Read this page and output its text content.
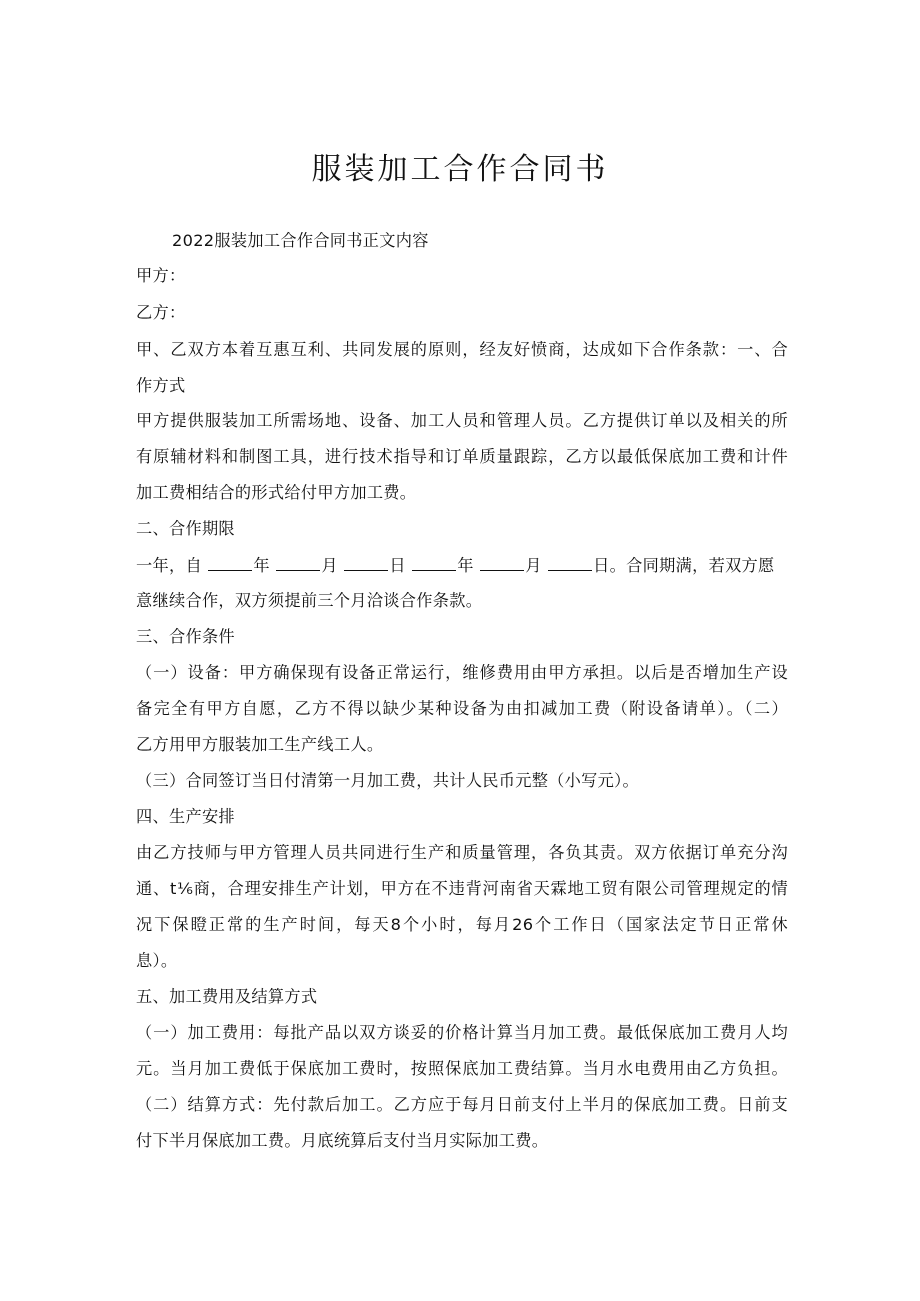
服装加工合作合同书
2022服装加工合作合同书正文内容
甲方：
乙方：
甲、乙双方本着互惠互利、共同发展的原则，经友好愤商，达成如下合作条款：一、合
作方式
甲方提供服装加工所需场地、设备、加工人员和管理人员。乙方提供订单以及相关的所
有原辅材料和制图工具，进行技术指导和订单质量跟踪，乙方以最低保底加工费和计件
加工费相结合的形式给付甲方加工费。
二、合作期限
一年，自	年	月	日	年	月	日。合同期满，若双方愿
意继续合作，双方须提前三个月洽谈合作条款。
三、合作条件
（一）设备：甲方确保现有设备正常运行，维修费用由甲方承担。以后是否增加生产设
备完全有甲方自愿，乙方不得以缺少某种设备为由扣减加工费（附设备请单）。（二）
乙方用甲方服装加工生产线工人。
（三）合同签订当日付清第一月加工费，共计人民币元整（小写元）。
四、生产安排
由乙方技师与甲方管理人员共同进行生产和质量管理，各负其责。双方依据订单充分沟
通、t⅙商，合理安排生产计划，甲方在不违背河南省天霖地工贸有限公司管理规定的情
况下保瞪正常的生产时间，每天8个小时，每月26个工作日（国家法定节日正常休
息）。
五、加工费用及结算方式
（一）加工费用：每批产品以双方谈妥的价格计算当月加工费。最低保底加工费月人均
元。当月加工费低于保底加工费时，按照保底加工费结算。当月水电费用由乙方负担。
（二）结算方式：先付款后加工。乙方应于每月日前支付上半月的保底加工费。日前支
付下半月保底加工费。月底统算后支付当月实际加工费。
